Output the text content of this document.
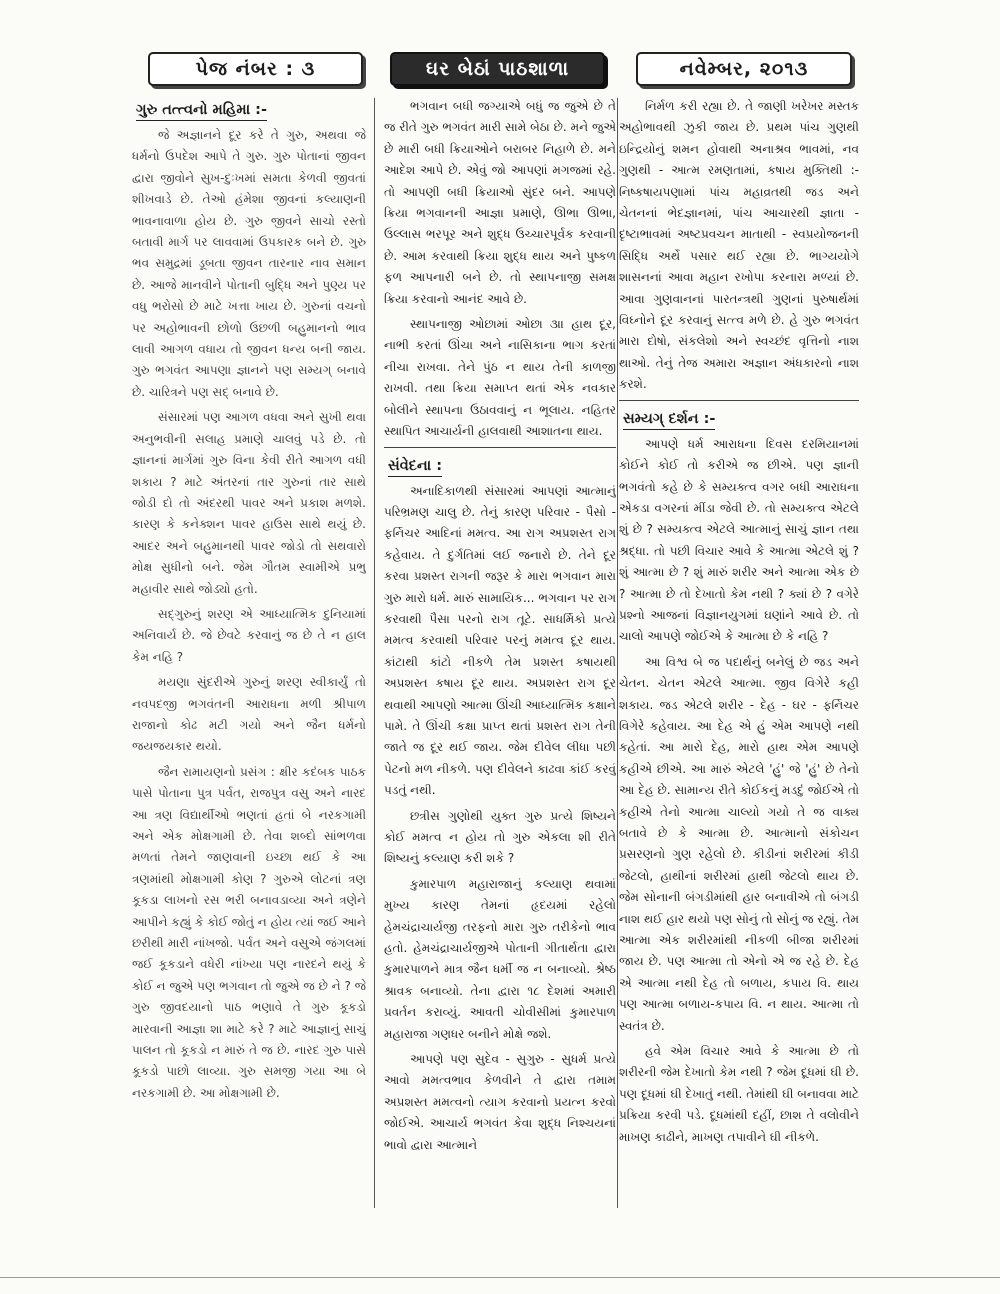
પેજ નંબર : ૩	ઘર બેઠાં પાઠશાળા	નવેમ્બર, ૨૦૧૩
ગુરુ તત્ત્વનો મહિમા :-

જે અજ્ઞાનને દૂર કરે તે ગુરુ, અથવા જે ધર્મનો ઉપદેશ આપે તે ગુરુ. ગુરુ પોતાનાં જીવન દ્વારા જીવોને સુખ-દુઃખમાં સમતા કેળવી જીવતાં શીખવાડે છે. તેઓ હંમેશા જીવનાં કલ્યાણની ભાવનાવાળા હોય છે. ગુરુ જીવને સાચો રસ્તો બતાવી માર્ગ પર લાવવામાં ઉપકારક બને છે. ગુરુ ભવ સમુદ્રમાં ડૂબતા જીવન તારનાર નાવ સમાન છે. આજે માનવીને પોતાની બુદ્ધિ અને પુણ્ય પર વધુ ભરોસો છે માટે ખત્તા ખાય છે. ગુરુનાં વચનો પર અહોભાવની છોળો ઉછળી બહુમાનનો ભાવ લાવી આગળ વધાય તો જીવન ધન્ય બની જાય. ગુરુ ભગવંત આપણા જ્ઞાનને પણ સમ્યગ્ બનાવે છે. ચારિત્રને પણ સદ્ બનાવે છે.

સંસારમાં પણ આગળ વધવા અને સુખી થવા અનુભવીની સલાહ પ્રમાણે ચાલવું પડે છે. તો જ્ઞાનનાં માર્ગમાં ગુરુ વિના કેવી રીતે આગળ વધી શકાય ? માટે અંતરનાં તાર ગુરુનાં તાર સાથે જોડી દો તો અંદરથી પાવર અને પ્રકાશ મળશે. કારણ કે કનેક્શન પાવર હાઉસ સાથે થયું છે. આદર અને બહુમાનથી પાવર જોડો તો સથવારો મોક્ષ સુધીનો બને. જેમ ગૌતમ સ્વામીએ પ્રભુ મહાવીર સાથે જોડ્યો હતો.

સદ્ગુરુનું શરણ એ આધ્યાત્મિક દુનિયામાં અનિવાર્ય છે. જે છેવટે કરવાનું જ છે તે ન હાલ કેમ નહિ ?

મયણા સુંદરીએ ગુરુનું શરણ સ્વીકાર્યું તો નવપદજી ભગવંતની આરાધના મળી શ્રીપાળ રાજાનો કોઢ મટી ગયો અને જૈન ધર્મનો જયજયકાર થયો.

જૈન રામાયણનો પ્રસંગ : ક્ષીર કદંબક પાઠક પાસે પોતાના પુત્ર પર્વત, રાજપુત્ર વસુ અને નારદ આ ત્રણ વિદ્યાર્થીઓ ભણતાં હતાં બે નરકગામી અને એક મોક્ષગામી છે. તેવા શબ્દો સાંભળવા મળતાં તેમને જાણવાની ઇચ્છા થઈ કે આ ત્રણમાંથી મોક્ષગામી કોણ ? ગુરુએ લોટનાં ત્રણ કૂકડા લાખનો રસ ભરી બનાવડાવ્યા અને ત્રણેને આપીને કહ્યું કે કોઈ જોતું ન હોય ત્યાં જઈ આને છરીથી મારી નાંખજો. પર્વત અને વસુએ જંગલમાં જઈ કૂકડાને વધેરી નાંખ્યા પણ નારદને થયું કે કોઈ ન જુએ પણ ભગવાન તો જુએ જ છે ને ? જે ગુરુ જીવદયાનો પાઠ ભણાવે તે ગુરુ કૂકડો મારવાની આજ્ઞા શા માટે કરે ? માટે આજ્ઞાનું સાચું પાલન તો કૂકડો ન મારું તે જ છે. નારદ ગુરુ પાસે કૂકડો પાછો લાવ્યા. ગુરુ સમજી ગયા આ બે નરકગામી છે. આ મોક્ષગામી છે.

ભગવાન બધી જગ્યાએ બધું જ જુએ છે તે જ રીતે ગુરુ ભગવંત મારી સામે બેઠા છે. મને જુએ છે મારી બધી ક્રિયાઓને બરાબર નિહાળે છે. મને આદેશ આપે છે. એવું જો આપણાં મગજમાં રહે. તો આપણી બધી ક્રિયાઓ સુંદર બને. આપણે ક્રિયા ભગવાનની આજ્ઞા પ્રમાણે, ઊભા ઊભા, ઉલ્લાસ ભરપૂર અને શુદ્ધ ઉચ્ચારપૂર્વક કરવાની છે. આમ કરવાથી ક્રિયા શુદ્ધ થાય અને પુષ્કળ ફળ આપનારી બને છે. તો સ્થાપનાજી સમક્ષ ક્રિયા કરવાનો આનંદ આવે છે.

સ્થાપનાજી ઓછામાં ઓછા ૩॥ હાથ દૂર, નાભી કરતાં ઊંચા અને નાસિકાના ભાગ કરતાં નીચા રાખવા. તેને પુંઠ ન થાય તેની કાળજી રાખવી. તથા ક્રિયા સમાપ્ત થતાં એક નવકાર બોલીને સ્થાપના ઉઠાવવાનું ન ભૂલાય. નહિતર સ્થાપિત આચાર્યની હાલવાથી આશાતના થાય.

સંવેદના :

અનાદિકાળથી સંસારમાં આપણાં આત્માનું પરિભ્રમણ ચાલુ છે. તેનું કારણ પરિવાર - પૈસો - ફર્નિચર આદિનાં મમત્વ. આ રાગ અપ્રશસ્ત રાગ કહેવાય. તે દુર્ગતિમાં લઈ જનારો છે. તેને દૂર કરવા પ્રશસ્ત રાગની જરૂર કે મારા ભગવાન મારા ગુરુ મારો ધર્મ. મારું સામાયિક... ભગવાન પર રાગ કરવાથી પૈસા પરનો રાગ તૂટે. સાધર્મિકો પ્રત્યે મમત્વ કરવાથી પરિવાર પરનું મમત્વ દૂર થાય. કાંટાથી કાંટો નીકળે તેમ પ્રશસ્ત કષાયથી અપ્રશસ્ત કષાય દૂર થાય. અપ્રશસ્ત રાગ દૂર થવાથી આપણો આત્મા ઊંચી આધ્યાત્મિક કક્ષાને પામે. તે ઊંચી કક્ષા પ્રાપ્ત થતાં પ્રશસ્ત રાગ તેની જાતે જ દૂર થઈ જાય. જેમ દીવેલ લીધા પછી પેટનો મળ નીકળે. પણ દીવેલને કાઢવા કાંઈ કરવું પડતું નથી.

છત્રીસ ગુણોથી યુક્ત ગુરુ પ્રત્યે શિષ્યને કોઈ મમત્વ ન હોય તો ગુરુ એકલા શી રીતે શિષ્યનું કલ્યાણ કરી શકે ?

કુમારપાળ મહારાજાનું કલ્યાણ થવામાં મુખ્ય કારણ તેમનાં હૃદયમાં રહેલો હેમચંદ્રાચાર્યજી તરફનો મારા ગુરુ તરીકેનો ભાવ હતો. હેમચંદ્રાચાર્યજીએ પોતાની ગીતાર્થતા દ્વારા કુમારપાળને માત્ર જૈન ધર્મી જ ન બનાવ્યો. શ્રેષ્ઠ શ્રાવક બનાવ્યો. તેના દ્વારા ૧૮ દેશમાં અમારી પ્રવર્તન કરાવ્યું. આવતી ચોવીસીમાં કુમારપાળ મહારાજા ગણધર બનીને મોક્ષે જશે.

આપણે પણ સુદેવ - સુગુરુ - સુધર્મ પ્રત્યે આવો મમત્વભાવ કેળવીને તે દ્વારા તમામ અપ્રશસ્ત મમત્વનો ત્યાગ કરવાનો પ્રયત્ન કરવો જોઈએ. આચાર્ય ભગવંત કેવા શુદ્ધ નિશ્ચયનાં ભાવો દ્વારા આત્માને

નિર્મળ કરી રહ્યા છે. તે જાણી ખરેખર મસ્તક અહોભાવથી ઝુકી જાય છે. પ્રથમ પાંચ ગુણથી ઇન્દ્રિયોનું શમન હોવાથી અનાશ્રવ ભાવમાં, નવ ગુણથી - આત્મ રમણતામાં, કષાય મુક્તિથી :- નિષ્કષાયપણામાં પાંચ મહાવ્રતથી જડ અને ચેતનનાં ભેદજ્ઞાનમાં, પાંચ આચારથી જ્ઞાતા - દૃષ્ટાભાવમાં અષ્ટપ્રવચન માતાથી - સ્વપ્રયોજનની સિદ્ધિ અર્થે પસાર થઈ રહ્યા છે. ભાગ્યયોગે શાસનનાં આવા મહાન રખોપા કરનારા મળ્યાં છે. આવા ગુણવાનનાં પારતન્ત્રથી ગુણનાં પુરુષાર્થમાં વિઘ્નોને દૂર કરવાનું સત્ત્વ મળે છે. હે ગુરુ ભગવંત મારા દોષો, સંકલેશો અને સ્વચ્છંદ વૃત્તિનો નાશ થાઓ. તેનું તેજ અમારા અજ્ઞાન અંધકારનો નાશ કરશે.

સમ્યગ્ દર્શન :-

આપણે ધર્મ આરાધના દિવસ દરમિયાનમાં કોઈને કોઈ તો કરીએ જ છીએ. પણ જ્ઞાની ભગવંતો કહે છે કે સમ્યક્ત્વ વગર બધી આરાધના એકડા વગરનાં મીંડા જેવી છે. તો સમ્યક્ત્વ એટલે શું છે ? સમ્યક્ત્વ એટલે આત્માનું સાચું જ્ઞાન તથા શ્રદ્ધા. તો પછી વિચાર આવે કે આત્મા એટલે શું ? શું આત્મા છે ? શું મારું શરીર અને આત્મા એક છે ? આત્મા છે તો દેખાતો કેમ નથી ? ક્યાં છે ? વગેરે પ્રશ્નો આજનાં વિજ્ઞાનયુગમાં ઘણાંને આવે છે. તો ચાલો આપણે જોઈએ કે આત્મા છે કે નહિ ?

આ વિશ્વ બે જ પદાર્થનું બનેલું છે જડ અને ચેતન. ચેતન એટલે આત્મા. જીવ વિગેરે કહી શકાય. જડ એટલે શરીર - દેહ - ઘર - ફર્નિચર વિગેરે કહેવાય. આ દેહ એ હું એમ આપણે નથી કહેતાં. આ મારો દેહ, મારો હાથ એમ આપણે કહીએ છીએ. આ મારું એટલે 'હું' જે 'હું' છે તેનો આ દેહ છે. સામાન્ય રીતે કોઈકનું મડદું જોઈએ તો કહીએ તેનો આત્મા ચાલ્યો ગયો તે જ વાક્ય બતાવે છે કે આત્મા છે. આત્માનો સંકોચન પ્રસરણનો ગુણ રહેલો છે. કીડીનાં શરીરમાં કીડી જેટલો, હાથીનાં શરીરમાં હાથી જેટલો થાય છે. જેમ સોનાની બંગડીમાંથી હાર બનાવીએ તો બંગડી નાશ થઈ હાર થયો પણ સોનું તો સોનું જ રહ્યું. તેમ આત્મા એક શરીરમાંથી નીકળી બીજા શરીરમાં જાય છે. પણ આત્મા તો એનો એ જ રહે છે. દેહ એ આત્મા નથી દેહ તો બળાય, કપાય વિ. થાય પણ આત્મા બળાય-કપાય વિ. ન થાય. આત્મા તો સ્વતંત્ર છે.

હવે એમ વિચાર આવે કે આત્મા છે તો શરીરની જેમ દેખાતો કેમ નથી ? જેમ દૂધમાં ઘી છે. પણ દૂધમાં ઘી દેખાતું નથી. તેમાંથી ઘી બનાવવા માટે પ્રક્રિયા કરવી પડે. દૂધમાંથી દહીં, છાશ તે વલોવીને માખણ કાઢીને, માખણ તપાવીને ઘી નીકળે.
